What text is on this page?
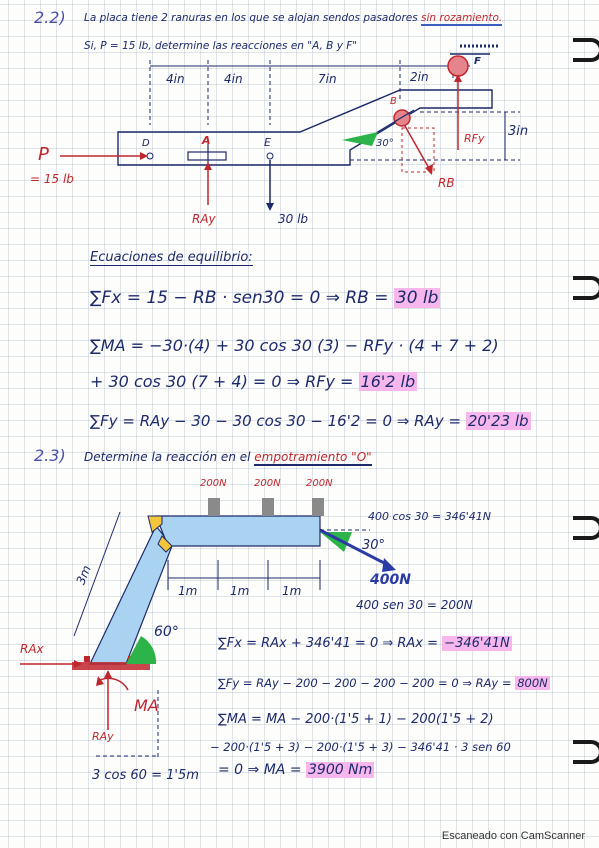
2.2) La placa tiene 2 ranuras en los que se alojan sendos pasadores sin rozamiento.
Si, P = 15 lb, determine las reacciones en "A, B y F"
4in	4in	7in	2in
3in
D	A	E
B
F
30°
P
= 15 lb
RAy	30 lb
RB
RFy
Ecuaciones de equilibrio:
∑Fx = 15 − RB · sen30 = 0 ⇒ RB = 30 lb
∑MA = −30·(4) + 30 cos 30 (3) − RFy · (4 + 7 + 2)
+ 30 cos 30 (7 + 4) = 0 ⇒ RFy = 16'2 lb
∑Fy = RAy − 30 − 30 cos 30 − 16'2 = 0 ⇒ RAy = 20'23 lb
2.3) Determine la reacción en el empotramiento "O"
200N	200N	200N
400 cos 30 = 346'41N
30°
400N
400 sen 30 = 200N
1m	1m	1m
3m
60°
RAx
MA
RAy
3 cos 60 = 1'5m
∑Fx = RAx + 346'41 = 0 ⇒ RAx = −346'41N
∑Fy = RAy − 200 − 200 − 200 − 200 = 0 ⇒ RAy = 800N
∑MA = MA − 200·(1'5 + 1) − 200(1'5 + 2)
− 200·(1'5 + 3) − 200·(1'5 + 3) − 346'41 · 3 sen 60
= 0 ⇒ MA = 3900 Nm
Escaneado con CamScanner
